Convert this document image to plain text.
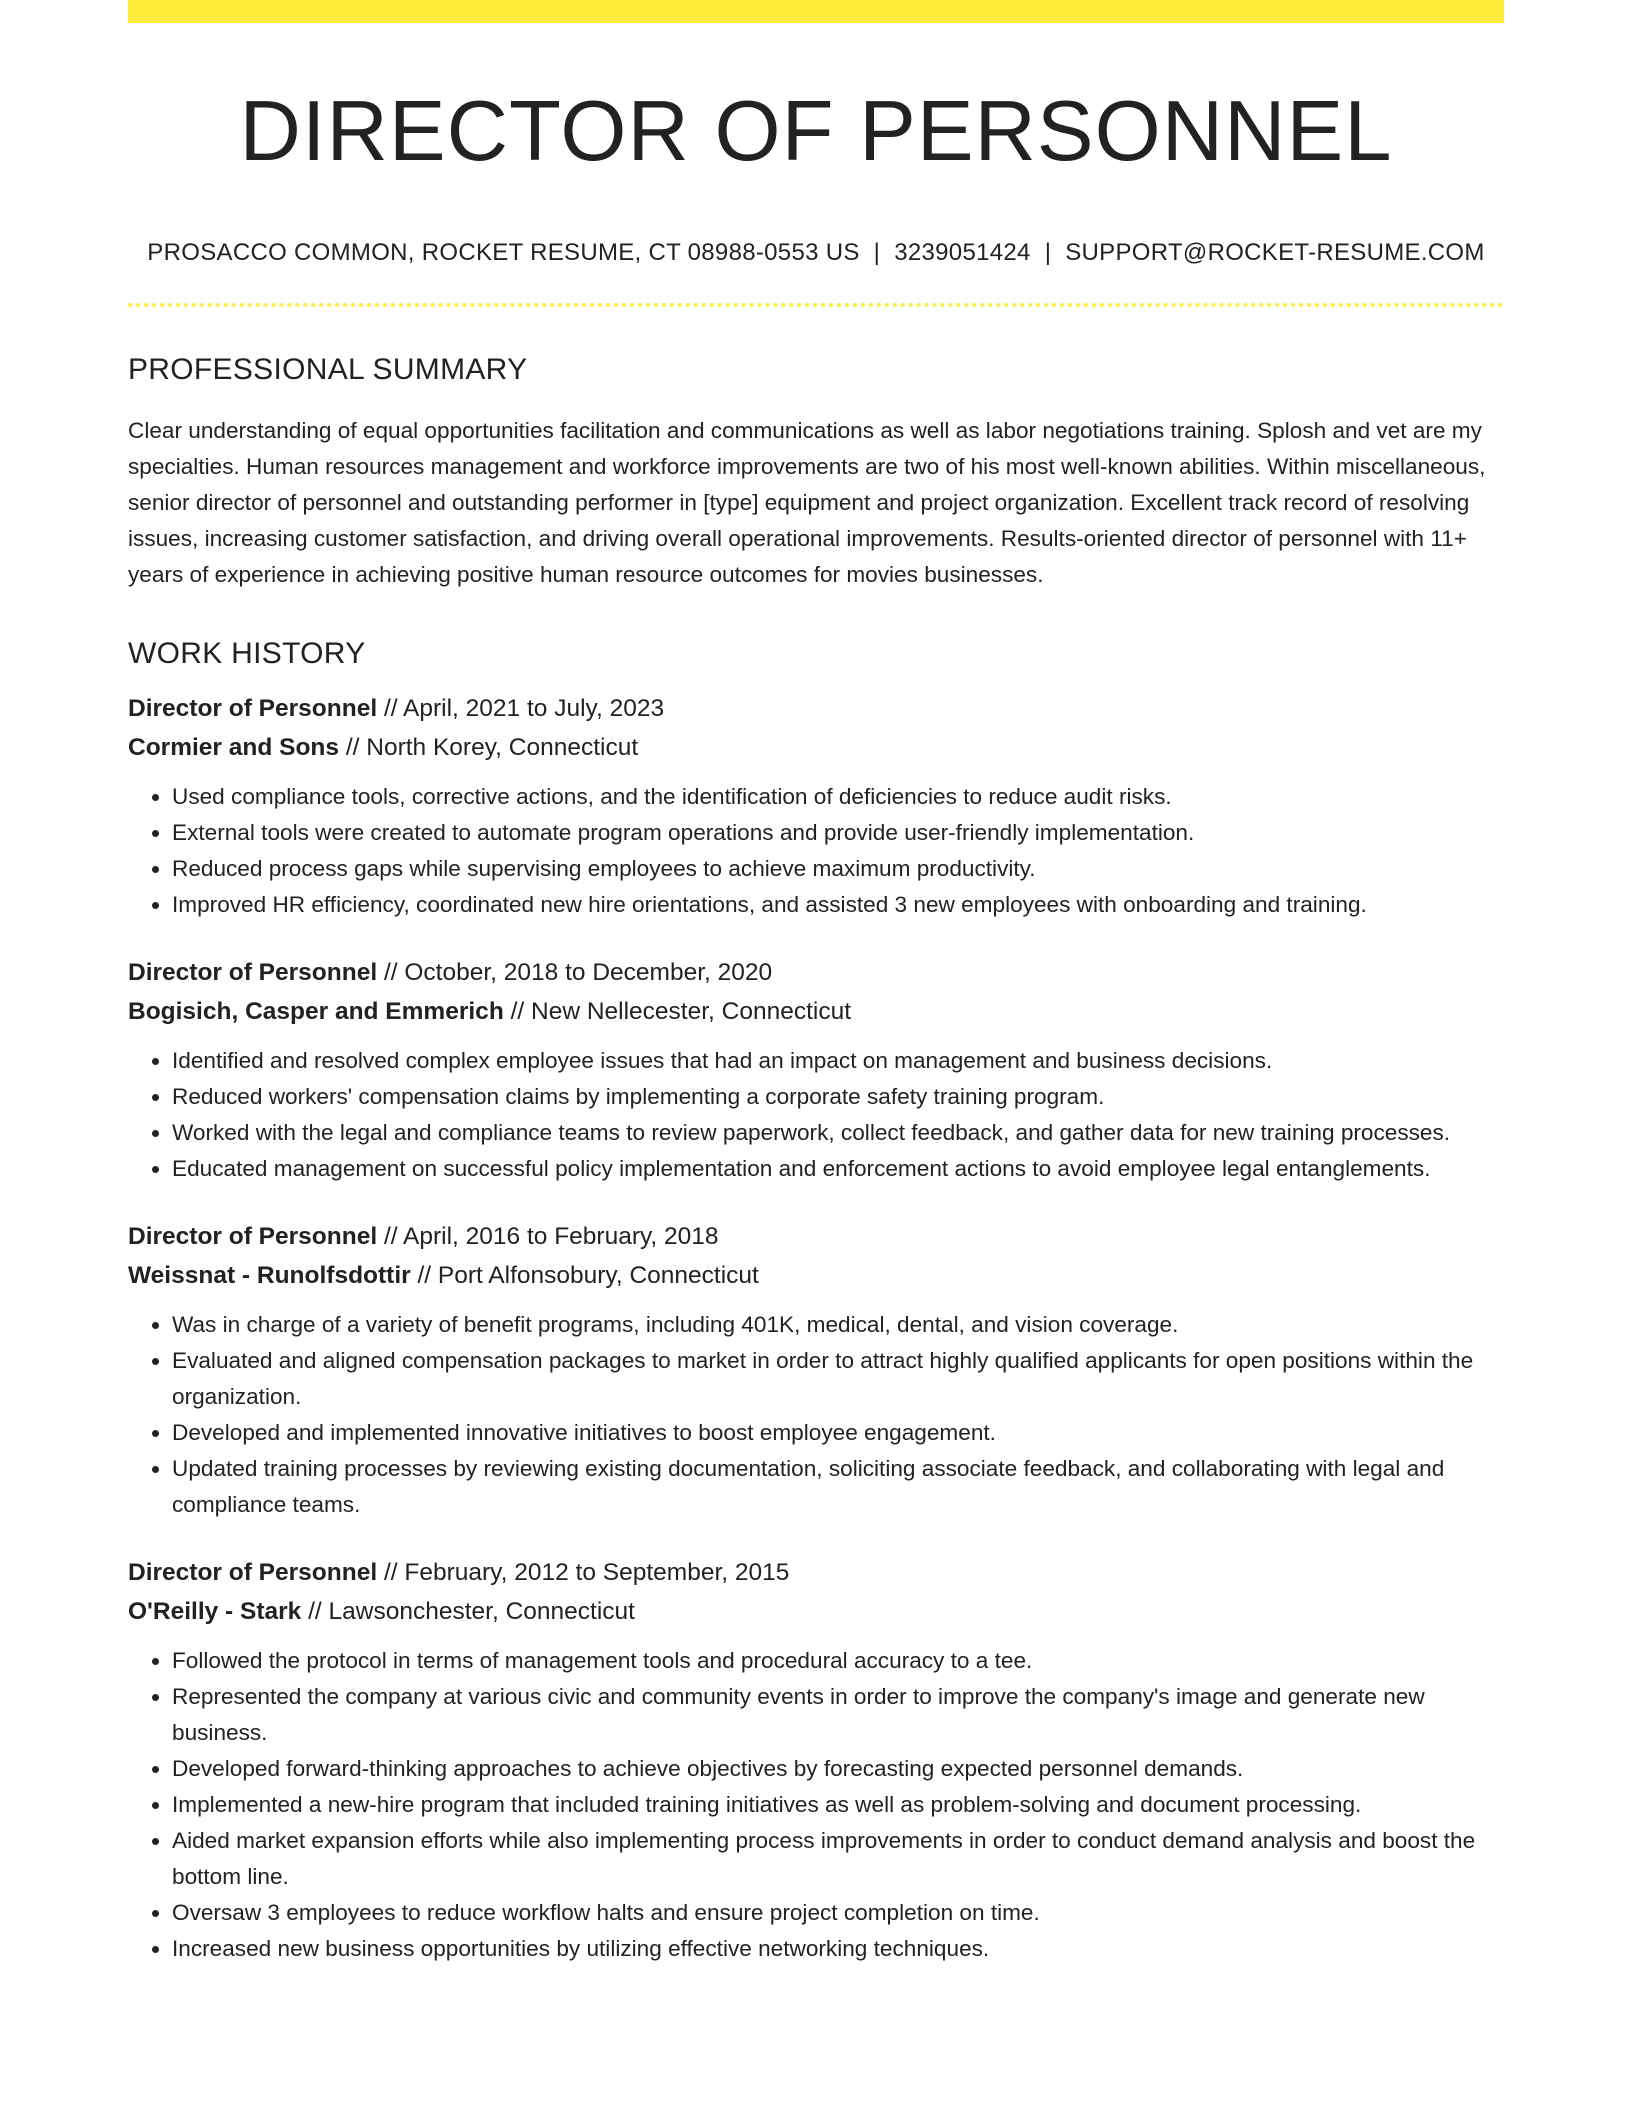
DIRECTOR OF PERSONNEL
PROSACCO COMMON, ROCKET RESUME, CT 08988-0553 US | 3239051424 | SUPPORT@ROCKET-RESUME.COM
PROFESSIONAL SUMMARY

Clear understanding of equal opportunities facilitation and communications as well as labor negotiations training. Splosh and vet are my specialties. Human resources management and workforce improvements are two of his most well-known abilities. Within miscellaneous, senior director of personnel and outstanding performer in [type] equipment and project organization. Excellent track record of resolving issues, increasing customer satisfaction, and driving overall operational improvements. Results-oriented director of personnel with 11+ years of experience in achieving positive human resource outcomes for movies businesses.

WORK HISTORY
Director of Personnel // April, 2021 to July, 2023
Cormier and Sons // North Korey, Connecticut
• Used compliance tools, corrective actions, and the identification of deficiencies to reduce audit risks.
• External tools were created to automate program operations and provide user-friendly implementation.
• Reduced process gaps while supervising employees to achieve maximum productivity.
• Improved HR efficiency, coordinated new hire orientations, and assisted 3 new employees with onboarding and training.
Director of Personnel // October, 2018 to December, 2020
Bogisich, Casper and Emmerich // New Nellecester, Connecticut
• Identified and resolved complex employee issues that had an impact on management and business decisions.
• Reduced workers' compensation claims by implementing a corporate safety training program.
• Worked with the legal and compliance teams to review paperwork, collect feedback, and gather data for new training processes.
• Educated management on successful policy implementation and enforcement actions to avoid employee legal entanglements.
Director of Personnel // April, 2016 to February, 2018
Weissnat - Runolfsdottir // Port Alfonsobury, Connecticut
• Was in charge of a variety of benefit programs, including 401K, medical, dental, and vision coverage.
• Evaluated and aligned compensation packages to market in order to attract highly qualified applicants for open positions within the organization.
• Developed and implemented innovative initiatives to boost employee engagement.
• Updated training processes by reviewing existing documentation, soliciting associate feedback, and collaborating with legal and compliance teams.
Director of Personnel // February, 2012 to September, 2015
O'Reilly - Stark // Lawsonchester, Connecticut
• Followed the protocol in terms of management tools and procedural accuracy to a tee.
• Represented the company at various civic and community events in order to improve the company's image and generate new business.
• Developed forward-thinking approaches to achieve objectives by forecasting expected personnel demands.
• Implemented a new-hire program that included training initiatives as well as problem-solving and document processing.
• Aided market expansion efforts while also implementing process improvements in order to conduct demand analysis and boost the bottom line.
• Oversaw 3 employees to reduce workflow halts and ensure project completion on time.
• Increased new business opportunities by utilizing effective networking techniques.
